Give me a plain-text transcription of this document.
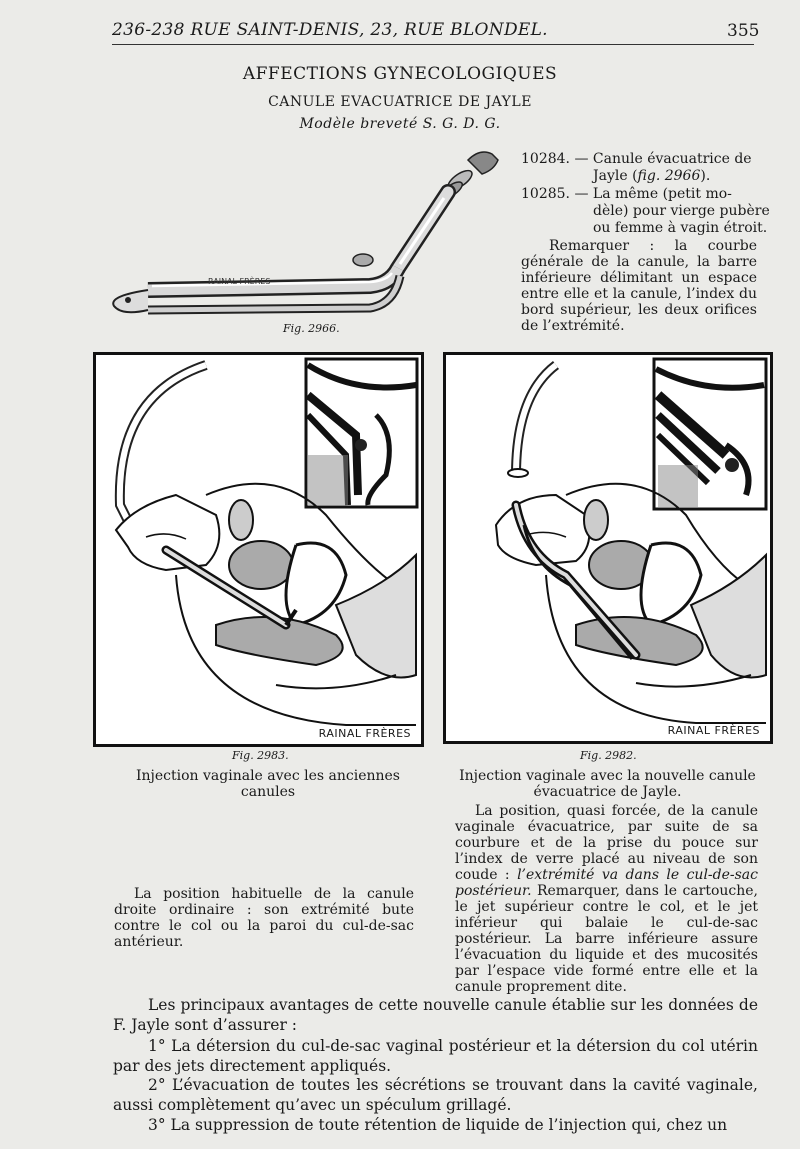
236-238 RUE SAINT-DENIS, 23, RUE BLONDEL.	355
AFFECTIONS GYNECOLOGIQUES
CANULE EVACUATRICE DE JAYLE
Modèle breveté S. G. D. G.
RAINAL FRÈRES
Fig. 2966.
10284. — Canule évacuatrice de
Jayle (fig. 2966).
10285. — La même (petit mo-
dèle) pour vierge pubère
ou femme à vagin étroit.
Remarquer : la courbe générale de la canule, la barre inférieure délimitant un espace entre elle et la canule, l’index du bord supérieur, les deux orifices de l’extrémité.
RAINAL FRÈRES
Fig. 2983.
Injection vaginale avec les anciennes canules
La position habituelle de la canule droite ordinaire : son extrémité bute contre le col ou la paroi du cul-de-sac antérieur.
RAINAL FRÈRES
Fig. 2982.
Injection vaginale avec la nouvelle canule évacuatrice de Jayle.
La position, quasi forcée, de la canule vaginale évacuatrice, par suite de sa courbure et de la prise du pouce sur l’index de verre placé au niveau de son coude : l’extrémité va dans le cul-de-sac postérieur. Remarquer, dans le cartouche, le jet supérieur contre le col, et le jet inférieur qui balaie le cul-de-sac postérieur. La barre inférieure assure l’évacuation du liquide et des mucosités par l’espace vide formé entre elle et la canule proprement dite.
Les principaux avantages de cette nouvelle canule établie sur les données de F. Jayle sont d’assurer :
1° La détersion du cul-de-sac vaginal postérieur et la détersion du col utérin par des jets directement appliqués.
2° L’évacuation de toutes les sécrétions se trouvant dans la cavité vaginale, aussi complètement qu’avec un spéculum grillagé.
3° La suppression de toute rétention de liquide de l’injection qui, chez un
